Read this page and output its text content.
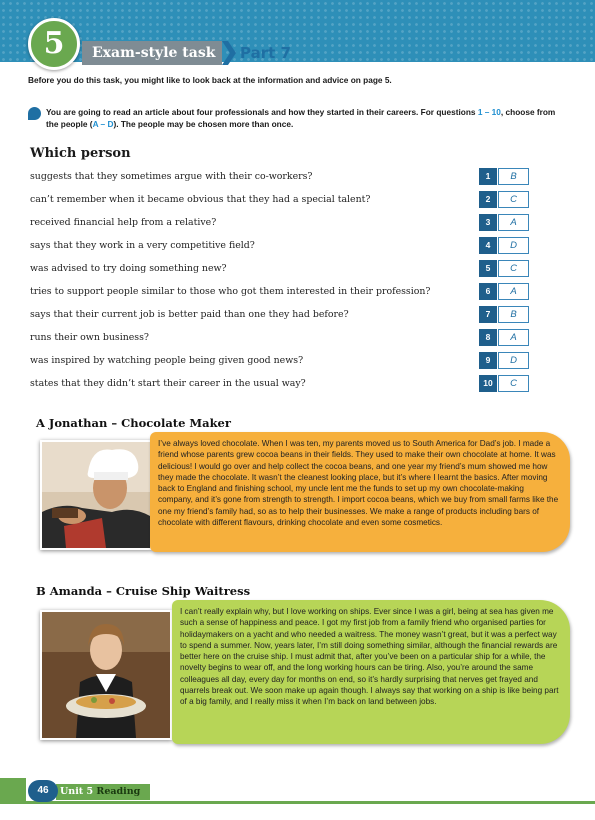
5	Exam-style task	Part 7
Before you do this task, you might like to look back at the information and advice on page 5.
You are going to read an article about four professionals and how they started in their careers. For questions 1 – 10, choose from the people (A – D). The people may be chosen more than once.
Which person
suggests that they sometimes argue with their co-workers?	1	B
can’t remember when it became obvious that they had a special talent?	2	C
received financial help from a relative?	3	A
says that they work in a very competitive field?	4	D
was advised to try doing something new?	5	C
tries to support people similar to those who got them interested in their profession?	6	A
says that their current job is better paid than one they had before?	7	B
runs their own business?	8	A
was inspired by watching people being given good news?	9	D
states that they didn’t start their career in the usual way?	10	C
A Jonathan – Chocolate Maker
I’ve always loved chocolate. When I was ten, my parents moved us to South America for Dad’s job. I made a friend whose parents grew cocoa beans in their fields. They used to make their own chocolate at home. It was delicious! I would go over and help collect the cocoa beans, and one year my friend’s mum showed me how they made the chocolate. It wasn’t the cleanest looking place, but it’s where I learnt the basics. After moving back to England and finishing school, my uncle lent me the funds to set up my own chocolate-making company, and it’s gone from strength to strength. I import cocoa beans, which we buy from small farms like the one my friend’s family had, so as to help their businesses. We make a range of products including bars of chocolate with different flavours, drinking chocolate and even some cosmetics.
B Amanda – Cruise Ship Waitress
I can’t really explain why, but I love working on ships. Ever since I was a girl, being at sea has given me such a sense of happiness and peace. I got my first job from a family friend who organised parties for holidaymakers on a yacht and who needed a waitress. The money wasn’t great, but it was a perfect way to spend a summer. Now, years later, I’m still doing something similar, although the financial rewards are better here on the cruise ship. I must admit that, after you’ve been on a particular ship for a while, the novelty begins to wear off, and the long working hours can be tiring. Also, you’re around the same colleagues all day, every day for months on end, so it’s hardly surprising that nerves get frayed and quarrels break out. We soon make up again though. I always say that working on a ship is like being part of a big family, and I really miss it when I’m back on land between jobs.
Unit 5 Reading
46
